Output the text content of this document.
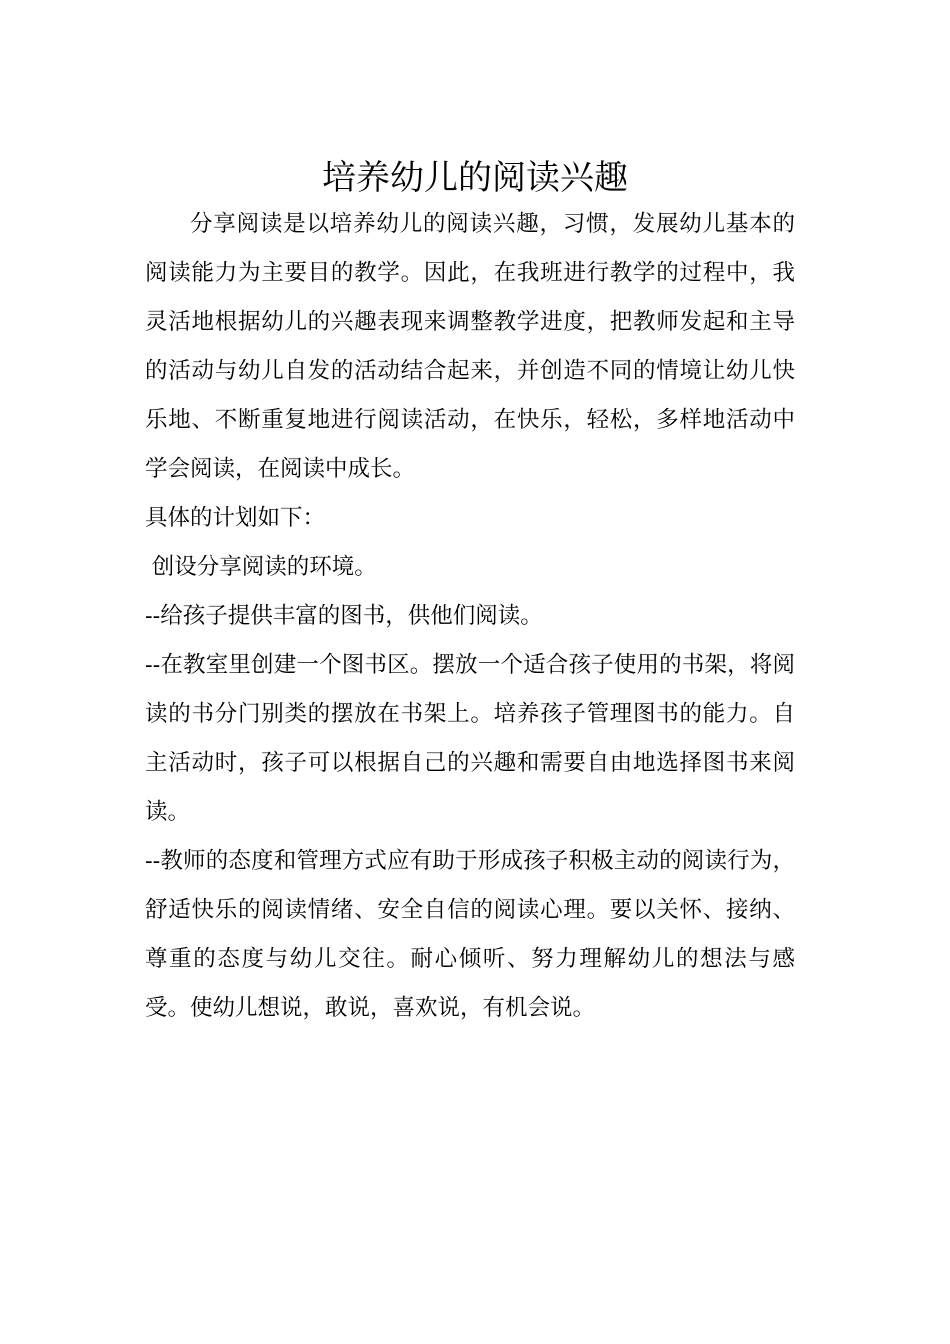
培养幼儿的阅读兴趣

分享阅读是以培养幼儿的阅读兴趣，习惯，发展幼儿基本的阅读能力为主要目的教学。因此，在我班进行教学的过程中，我灵活地根据幼儿的兴趣表现来调整教学进度，把教师发起和主导的活动与幼儿自发的活动结合起来，并创造不同的情境让幼儿快乐地、不断重复地进行阅读活动，在快乐，轻松，多样地活动中学会阅读，在阅读中成长。

具体的计划如下：

创设分享阅读的环境。

--给孩子提供丰富的图书，供他们阅读。

--在教室里创建一个图书区。摆放一个适合孩子使用的书架，将阅读的书分门别类的摆放在书架上。培养孩子管理图书的能力。自主活动时，孩子可以根据自己的兴趣和需要自由地选择图书来阅读。

--教师的态度和管理方式应有助于形成孩子积极主动的阅读行为，舒适快乐的阅读情绪、安全自信的阅读心理。要以关怀、接纳、尊重的态度与幼儿交往。耐心倾听、努力理解幼儿的想法与感受。使幼儿想说，敢说，喜欢说，有机会说。
